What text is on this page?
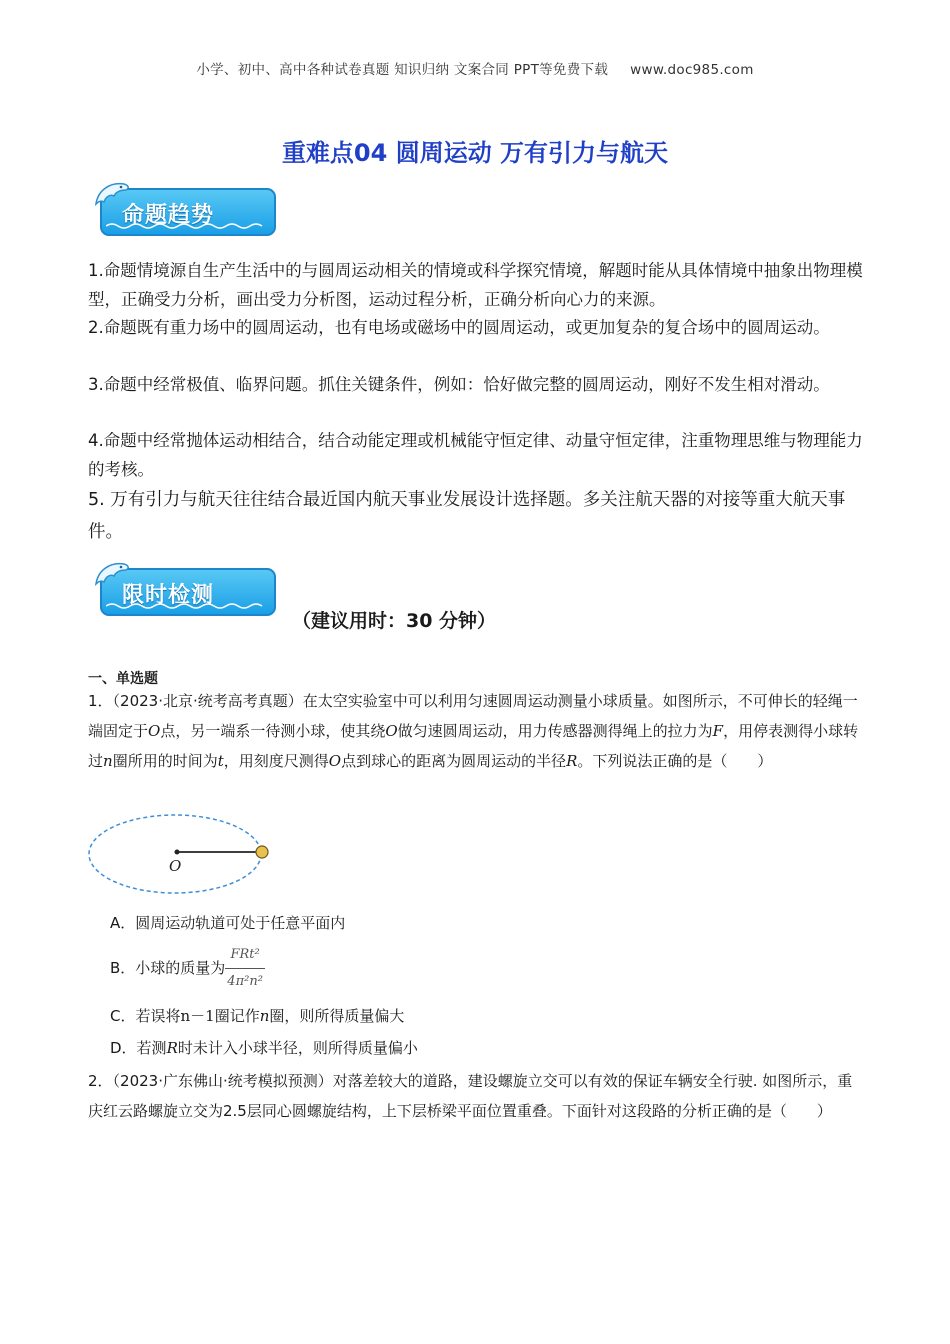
小学、初中、高中各种试卷真题 知识归纳 文案合同 PPT等免费下载 www.doc985.com
重难点04 圆周运动 万有引力与航天
命题趋势
1.命题情境源自生产生活中的与圆周运动相关的情境或科学探究情境，解题时能从具体情境中抽象出物理模型，正确受力分析，画出受力分析图，运动过程分析，正确分析向心力的来源。
2.命题既有重力场中的圆周运动，也有电场或磁场中的圆周运动，或更加复杂的复合场中的圆周运动。
3.命题中经常极值、临界问题。抓住关键条件，例如：恰好做完整的圆周运动，刚好不发生相对滑动。
4.命题中经常抛体运动相结合，结合动能定理或机械能守恒定律、动量守恒定律，注重物理思维与物理能力的考核。
5. 万有引力与航天往往结合最近国内航天事业发展设计选择题。多关注航天器的对接等重大航天事件。
限时检测
（建议用时：30 分钟）
一、单选题
1．（2023·北京·统考高考真题）在太空实验室中可以利用匀速圆周运动测量小球质量。如图所示，不可伸长的轻绳一端固定于O点，另一端系一待测小球，使其绕O做匀速圆周运动，用力传感器测得绳上的拉力为F，用停表测得小球转过n圈所用的时间为t，用刻度尺测得O点到球心的距离为圆周运动的半径R。下列说法正确的是（　　）
O
A．圆周运动轨道可处于任意平面内
B．小球的质量为 $\frac{\text{FRt²}}{\text{4π²n²}}$
C．若误将n－1圈记作n圈，则所得质量偏大
D．若测R时未计入小球半径，则所得质量偏小
2．（2023·广东佛山·统考模拟预测）对落差较大的道路，建设螺旋立交可以有效的保证车辆安全行驶. 如图所示，重庆红云路螺旋立交为2.5层同心圆螺旋结构，上下层桥梁平面位置重叠。下面针对这段路的分析正确的是（　　）
